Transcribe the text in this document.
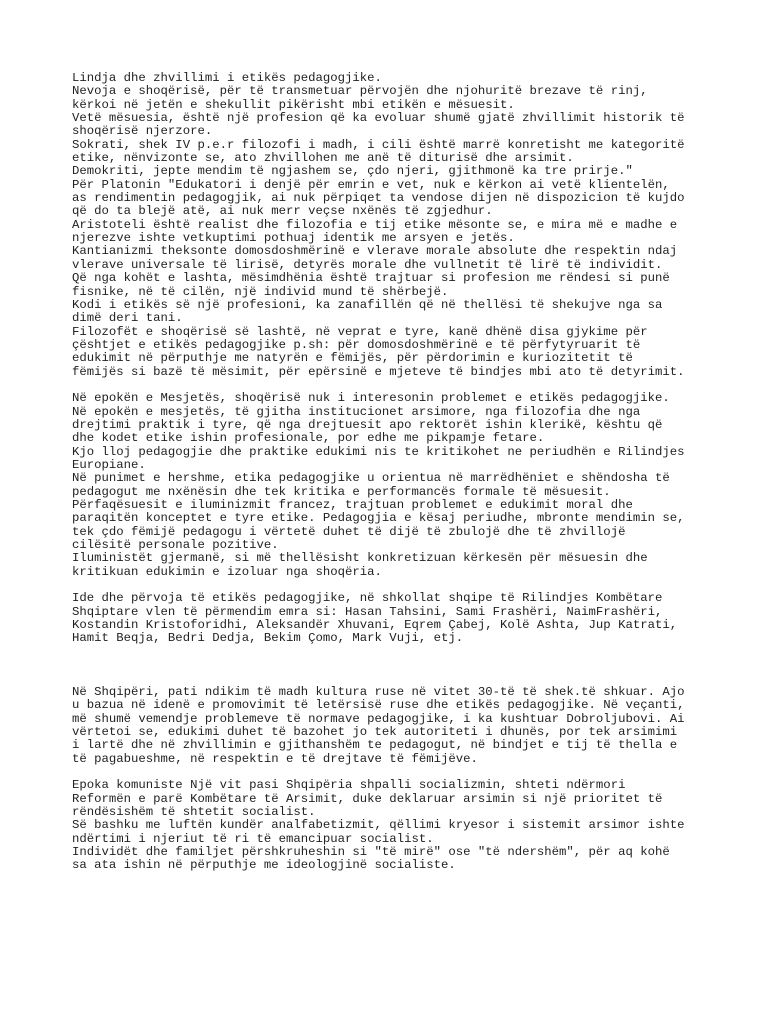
Lindja dhe zhvillimi i etikës pedagogjike.
Nevoja e shoqërisë, për të transmetuar përvojën dhe njohuritë brezave të rinj,
kërkoi në jetën e shekullit pikërisht mbi etikën e mësuesit.
Vetë mësuesia, është një profesion që ka evoluar shumë gjatë zhvillimit historik të
shoqërisë njerzore.
Sokrati, shek IV p.e.r filozofi i madh, i cili është marrë konretisht me kategoritë
etike, nënvizonte se, ato zhvillohen me anë të diturisë dhe arsimit.
Demokriti, jepte mendim të ngjashem se, çdo njeri, gjithmonë ka tre prirje."
Për Platonin "Edukatori i denjë për emrin e vet, nuk e kërkon ai vetë klientelën,
as rendimentin pedagogjik, ai nuk përpiqet ta vendose dijen në dispozicion të kujdo
që do ta blejë atë, ai nuk merr veçse nxënës të zgjedhur.
Aristoteli është realist dhe filozofia e tij etike mësonte se, e mira më e madhe e
njerezve ishte vetkuptimi pothuaj identik me arsyen e jetës.
Kantianizmi theksonte domosdoshmërinë e vlerave morale absolute dhe respektin ndaj
vlerave universale të lirisë, detyrës morale dhe vullnetit të lirë të individit.
Që nga kohët e lashta, mësimdhënia është trajtuar si profesion me rëndesi si punë
fisnike, në të cilën, një individ mund të shërbejë.
Kodi i etikës së një profesioni, ka zanafillën që në thellësi të shekujve nga sa
dimë deri tani.
Filozofët e shoqërisë së lashtë, në veprat e tyre, kanë dhënë disa gjykime për
çështjet e etikës pedagogjike p.sh: për domosdoshmërinë e të përfytyruarit të
edukimit në përputhje me natyrën e fëmijës, për përdorimin e kuriozitetit të
fëmijës si bazë të mësimit, për epërsinë e mjeteve të bindjes mbi ato të detyrimit.
Në epokën e Mesjetës, shoqërisë nuk i interesonin problemet e etikës pedagogjike.
Në epokën e mesjetës, të gjitha institucionet arsimore, nga filozofia dhe nga
drejtimi praktik i tyre, që nga drejtuesit apo rektorët ishin klerikë, kështu që
dhe kodet etike ishin profesionale, por edhe me pikpamje fetare.
Kjo lloj pedagogjie dhe praktike edukimi nis te kritikohet ne periudhën e Rilindjes
Europiane.
Në punimet e hershme, etika pedagogjike u orientua në marrëdhëniet e shëndosha të
pedagogut me nxënësin dhe tek kritika e performancës formale të mësuesit.
Përfaqësuesit e iluminizmit francez, trajtuan problemet e edukimit moral dhe
paraqitën konceptet e tyre etike. Pedagogjia e kësaj periudhe, mbronte mendimin se,
tek çdo fëmijë pedagogu i vërtetë duhet të dijë të zbulojë dhe të zhvillojë
cilësitë personale pozitive.
Iluministët gjermanë, si më thellësisht konkretizuan kërkesën për mësuesin dhe
kritikuan edukimin e izoluar nga shoqëria.
Ide dhe përvoja të etikës pedagogjike, në shkollat shqipe të Rilindjes Kombëtare
Shqiptare vlen të përmendim emra si: Hasan Tahsini, Sami Frashëri, NaimFrashëri,
Kostandin Kristoforidhi, Aleksandër Xhuvani, Eqrem Çabej, Kolë Ashta, Jup Katrati,
Hamit Beqja, Bedri Dedja, Bekim Çomo, Mark Vuji, etj.
Në Shqipëri, pati ndikim të madh kultura ruse në vitet 30-të të shek.të shkuar. Ajo
u bazua në idenë e promovimit të letërsisë ruse dhe etikës pedagogjike. Në veçanti,
më shumë vemendje problemeve të normave pedagogjike, i ka kushtuar Dobroljubovi. Ai
vërtetoi se, edukimi duhet të bazohet jo tek autoriteti i dhunës, por tek arsimimi
i lartë dhe në zhvillimin e gjithanshëm te pedagogut, në bindjet e tij të thella e
të pagabueshme, në respektin e të drejtave të fëmijëve.
Epoka komuniste Një vit pasi Shqipëria shpalli socializmin, shteti ndërmori
Reformën e parë Kombëtare të Arsimit, duke deklaruar arsimin si një prioritet të
rëndësishëm të shtetit socialist.
Së bashku me luftën kundër analfabetizmit, qëllimi kryesor i sistemit arsimor ishte
ndërtimi i njeriut të ri të emancipuar socialist.
Individët dhe familjet përshkruheshin si "të mirë" ose "të ndershëm", për aq kohë
sa ata ishin në përputhje me ideologjinë socialiste.
